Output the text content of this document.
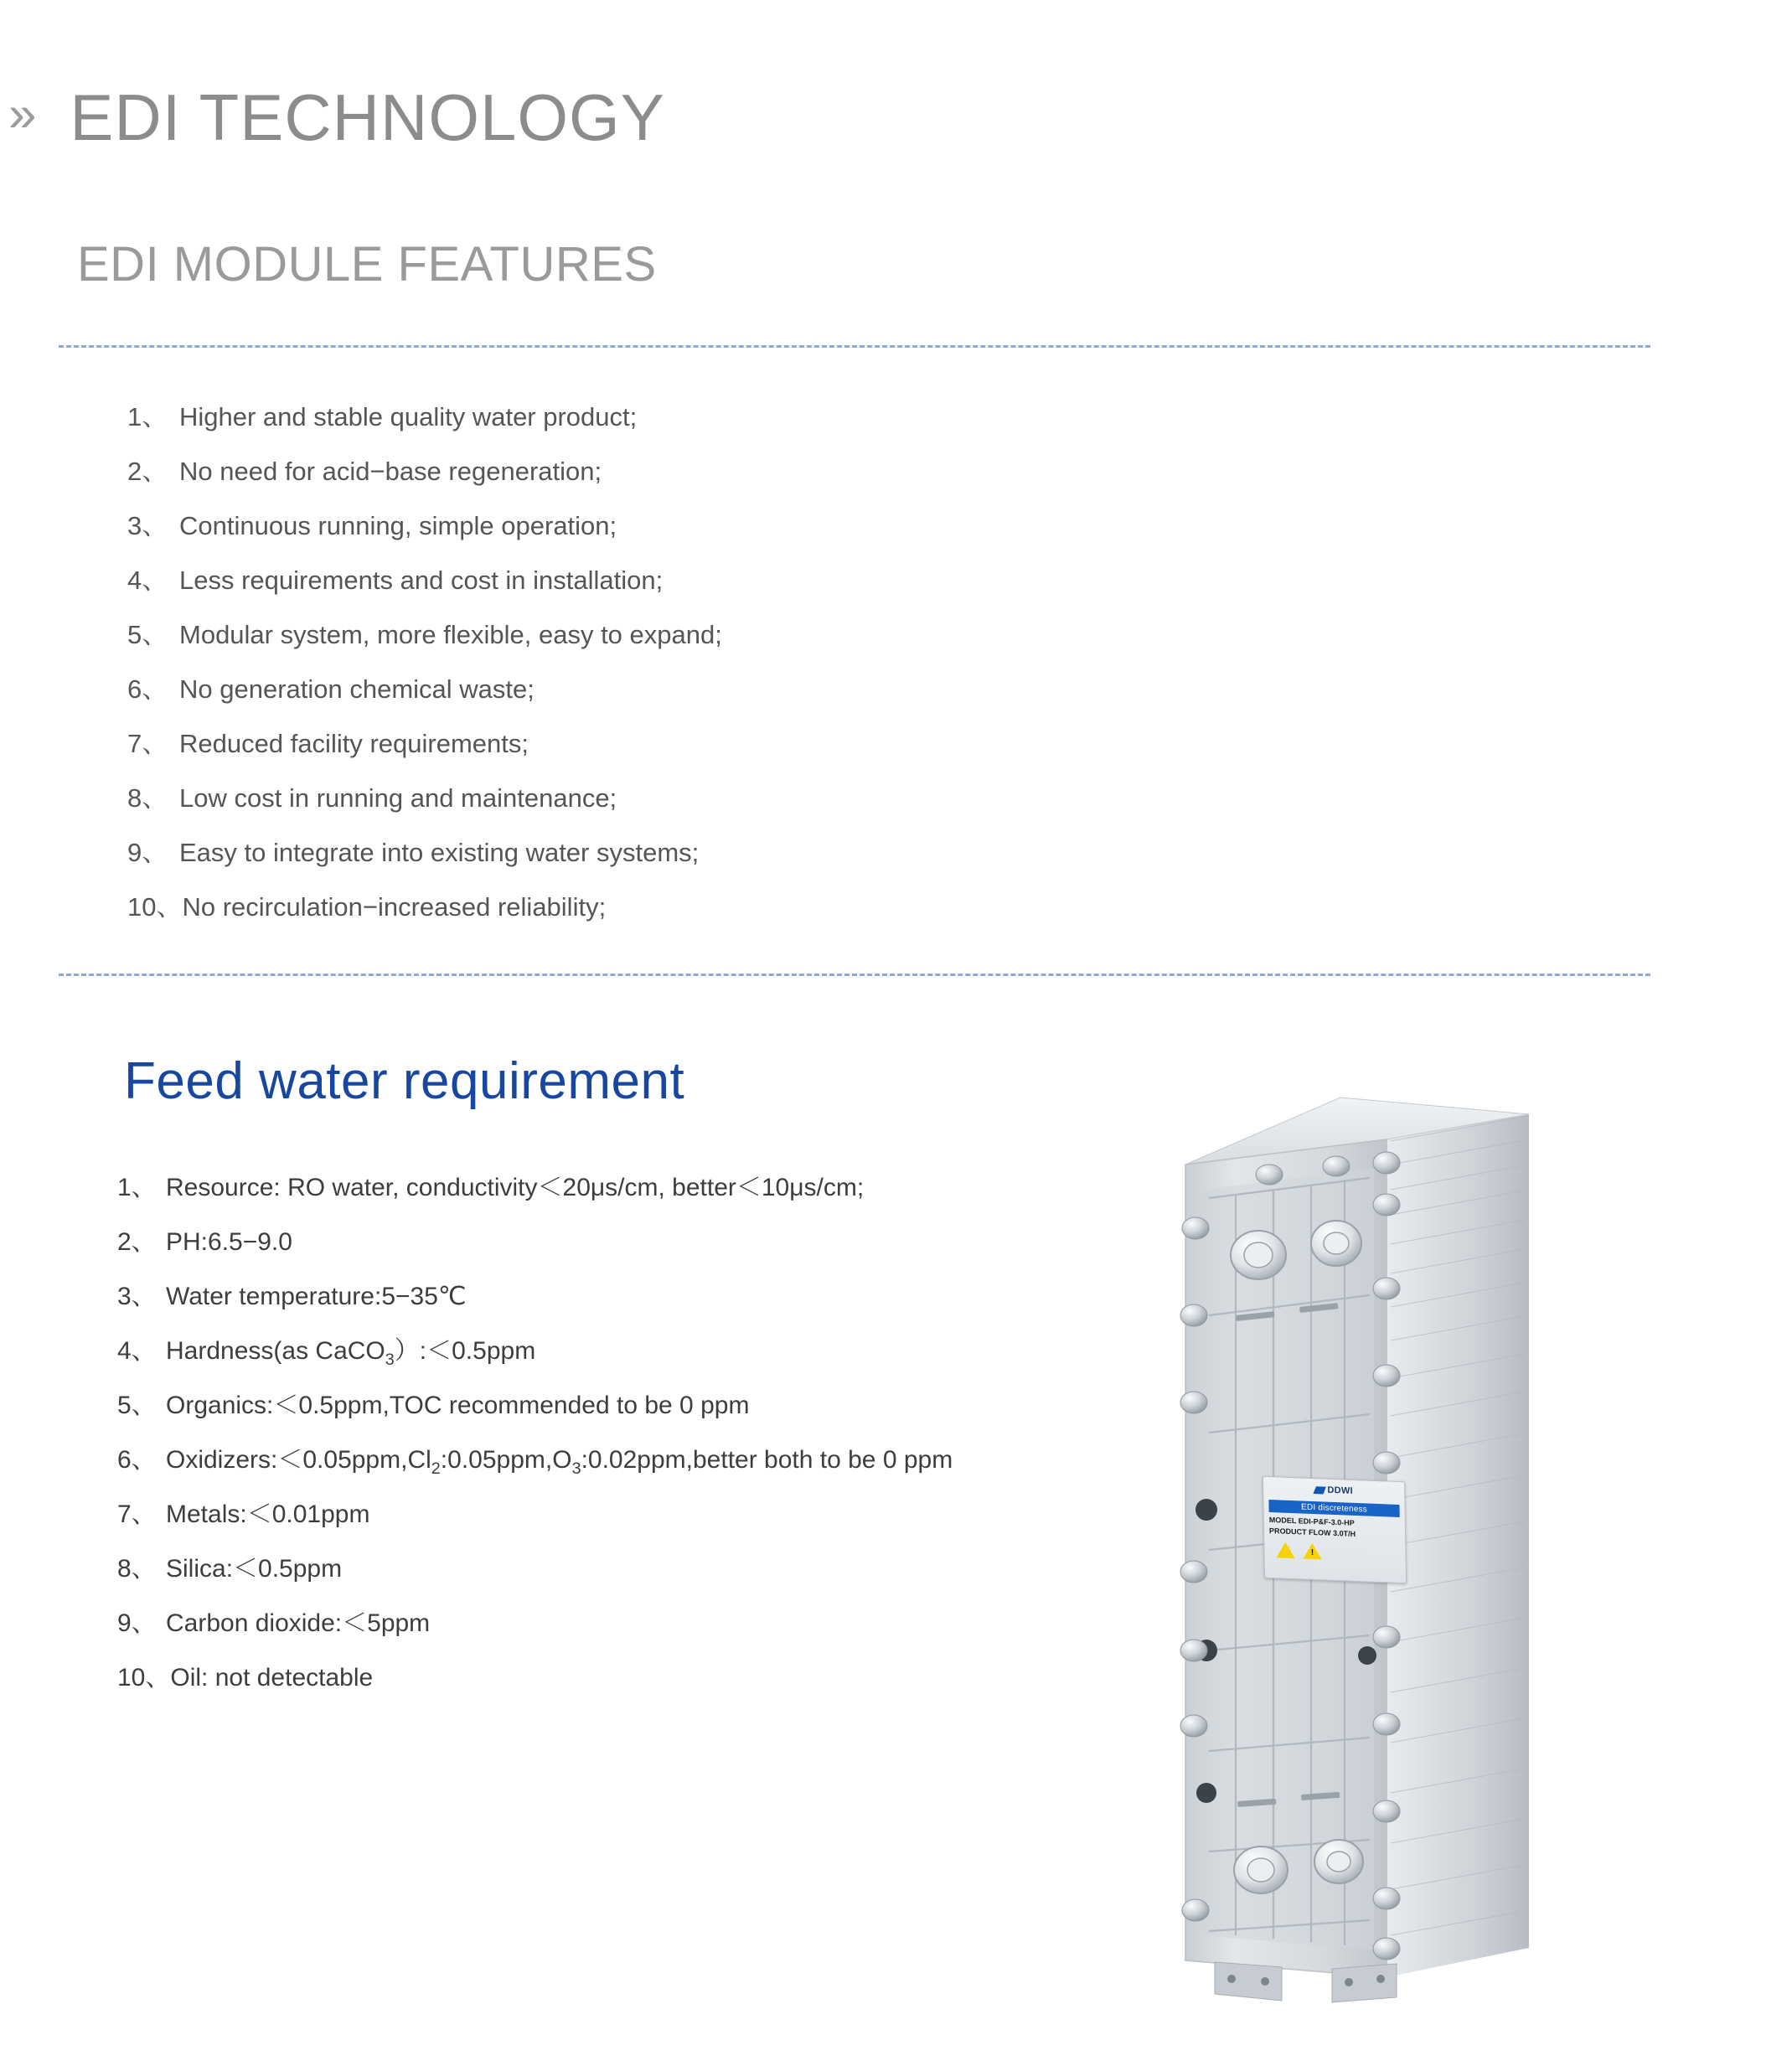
» EDI TECHNOLOGY
EDI MODULE FEATURES
1、 Higher and stable quality water product;
2、 No need for acid−base regeneration;
3、 Continuous running, simple operation;
4、 Less requirements and cost in installation;
5、 Modular system, more flexible, easy to expand;
6、 No generation chemical waste;
7、 Reduced facility requirements;
8、 Low cost in running and maintenance;
9、 Easy to integrate into existing water systems;
10、 No recirculation−increased reliability;
Feed water requirement
1、 Resource: RO water, conductivity＜20μs/cm, better＜10μs/cm;
2、 PH:6.5−9.0
3、 Water temperature:5−35℃
4、 Hardness(as CaCO$_3$）:＜0.5ppm
5、 Organics:＜0.5ppm,TOC recommended to be 0 ppm
6、 $Oxidizers:<0.05ppm,Cl_2:0.05ppm,O_3:0.02ppm,better$ both to be 0 ppm
7、 Metals:＜0.01ppm
8、 Silica:＜0.5ppm
9、 Carbon dioxide:＜5ppm
10、 Oil: not detectable
DDWI
EDI discreteness
MODEL EDI-P&F-3.0-HP
PRODUCT FLOW 3.0T/H
⚡ !
